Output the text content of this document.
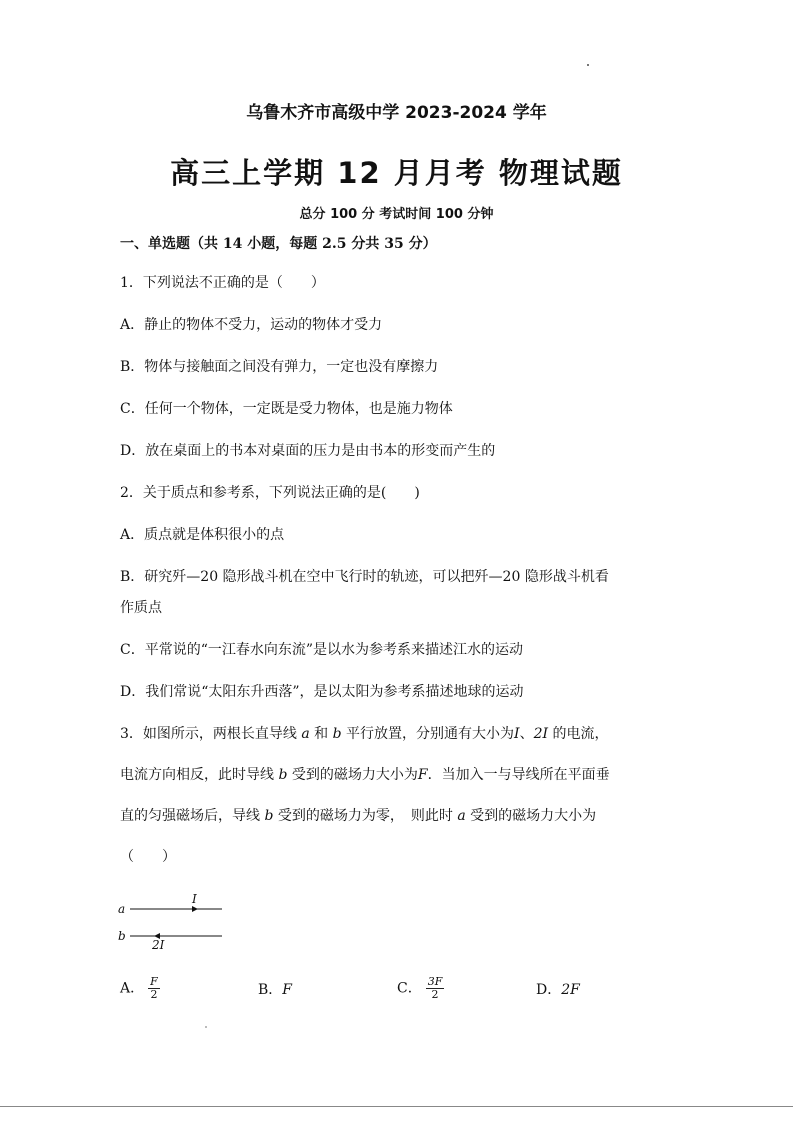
乌鲁木齐市高级中学 2023-2024 学年
高三上学期 12 月月考 物理试题
总分 100 分 考试时间 100 分钟
一、单选题（共 14 小题，每题 2.5 分共 35 分）
1．下列说法不正确的是（　　）
A．静止的物体不受力，运动的物体才受力
B．物体与接触面之间没有弹力，一定也没有摩擦力
C．任何一个物体，一定既是受力物体，也是施力物体
D．放在桌面上的书本对桌面的压力是由书本的形变而产生的
2．关于质点和参考系，下列说法正确的是(　　)
A．质点就是体积很小的点
B．研究歼—20 隐形战斗机在空中飞行时的轨迹，可以把歼—20 隐形战斗机看
作质点
C．平常说的“一江春水向东流”是以水为参考系来描述江水的运动
D．我们常说“太阳东升西落”，是以太阳为参考系描述地球的运动
3．如图所示，两根长直导线 a 和 b 平行放置，分别通有大小为I、2I 的电流，
电流方向相反，此时导线 b 受到的磁场力大小为F．当加入一与导线所在平面垂
直的匀强磁场后，导线 b 受到的磁场力为零，　则此时 a 受到的磁场力大小为
（　　）
a
I
b
2I
A． $\frac{F}{2}$	B．F	C． $\frac{3F}{2}$	D．2F
